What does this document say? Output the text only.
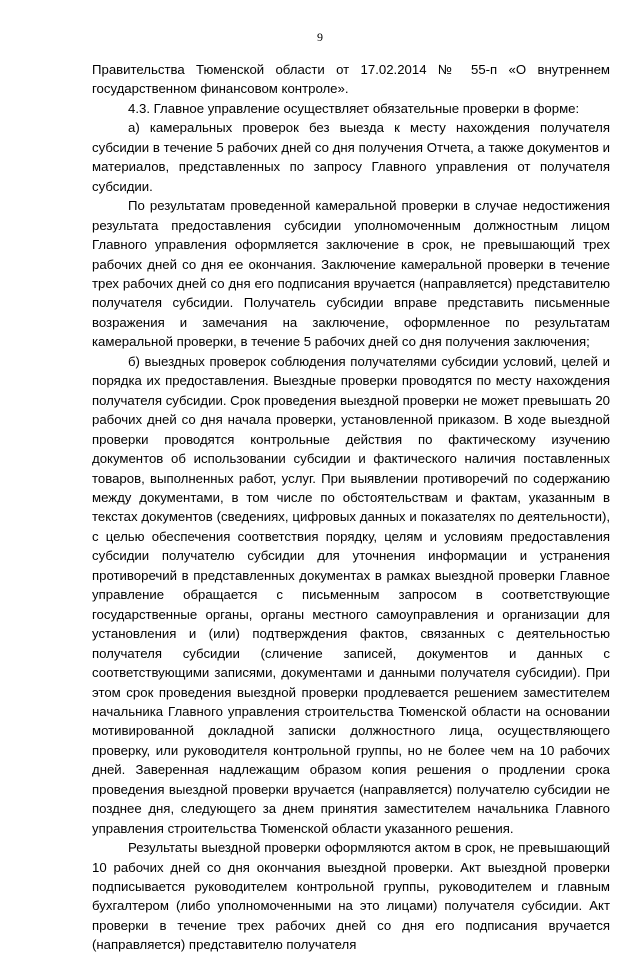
9

Правительства Тюменской области от 17.02.2014 № 55-п «О внутреннем государственном финансовом контроле».

4.3. Главное управление осуществляет обязательные проверки в форме:

а) камеральных проверок без выезда к месту нахождения получателя субсидии в течение 5 рабочих дней со дня получения Отчета, а также документов и материалов, представленных по запросу Главного управления от получателя субсидии.

По результатам проведенной камеральной проверки в случае недостижения результата предоставления субсидии уполномоченным должностным лицом Главного управления оформляется заключение в срок, не превышающий трех рабочих дней со дня ее окончания. Заключение камеральной проверки в течение трех рабочих дней со дня его подписания вручается (направляется) представителю получателя субсидии. Получатель субсидии вправе представить письменные возражения и замечания на заключение, оформленное по результатам камеральной проверки, в течение 5 рабочих дней со дня получения заключения;

б) выездных проверок соблюдения получателями субсидии условий, целей и порядка их предоставления. Выездные проверки проводятся по месту нахождения получателя субсидии. Срок проведения выездной проверки не может превышать 20 рабочих дней со дня начала проверки, установленной приказом. В ходе выездной проверки проводятся контрольные действия по фактическому изучению документов об использовании субсидии и фактического наличия поставленных товаров, выполненных работ, услуг. При выявлении противоречий по содержанию между документами, в том числе по обстоятельствам и фактам, указанным в текстах документов (сведениях, цифровых данных и показателях по деятельности), с целью обеспечения соответствия порядку, целям и условиям предоставления субсидии получателю субсидии для уточнения информации и устранения противоречий в представленных документах в рамках выездной проверки Главное управление обращается с письменным запросом в соответствующие государственные органы, органы местного самоуправления и организации для установления и (или) подтверждения фактов, связанных с деятельностью получателя субсидии (сличение записей, документов и данных с соответствующими записями, документами и данными получателя субсидии). При этом срок проведения выездной проверки продлевается решением заместителем начальника Главного управления строительства Тюменской области на основании мотивированной докладной записки должностного лица, осуществляющего проверку, или руководителя контрольной группы, но не более чем на 10 рабочих дней. Заверенная надлежащим образом копия решения о продлении срока проведения выездной проверки вручается (направляется) получателю субсидии не позднее дня, следующего за днем принятия заместителем начальника Главного управления строительства Тюменской области указанного решения.

Результаты выездной проверки оформляются актом в срок, не превышающий 10 рабочих дней со дня окончания выездной проверки. Акт выездной проверки подписывается руководителем контрольной группы, руководителем и главным бухгалтером (либо уполномоченными на это лицами) получателя субсидии. Акт проверки в течение трех рабочих дней со дня его подписания вручается (направляется) представителю получателя
